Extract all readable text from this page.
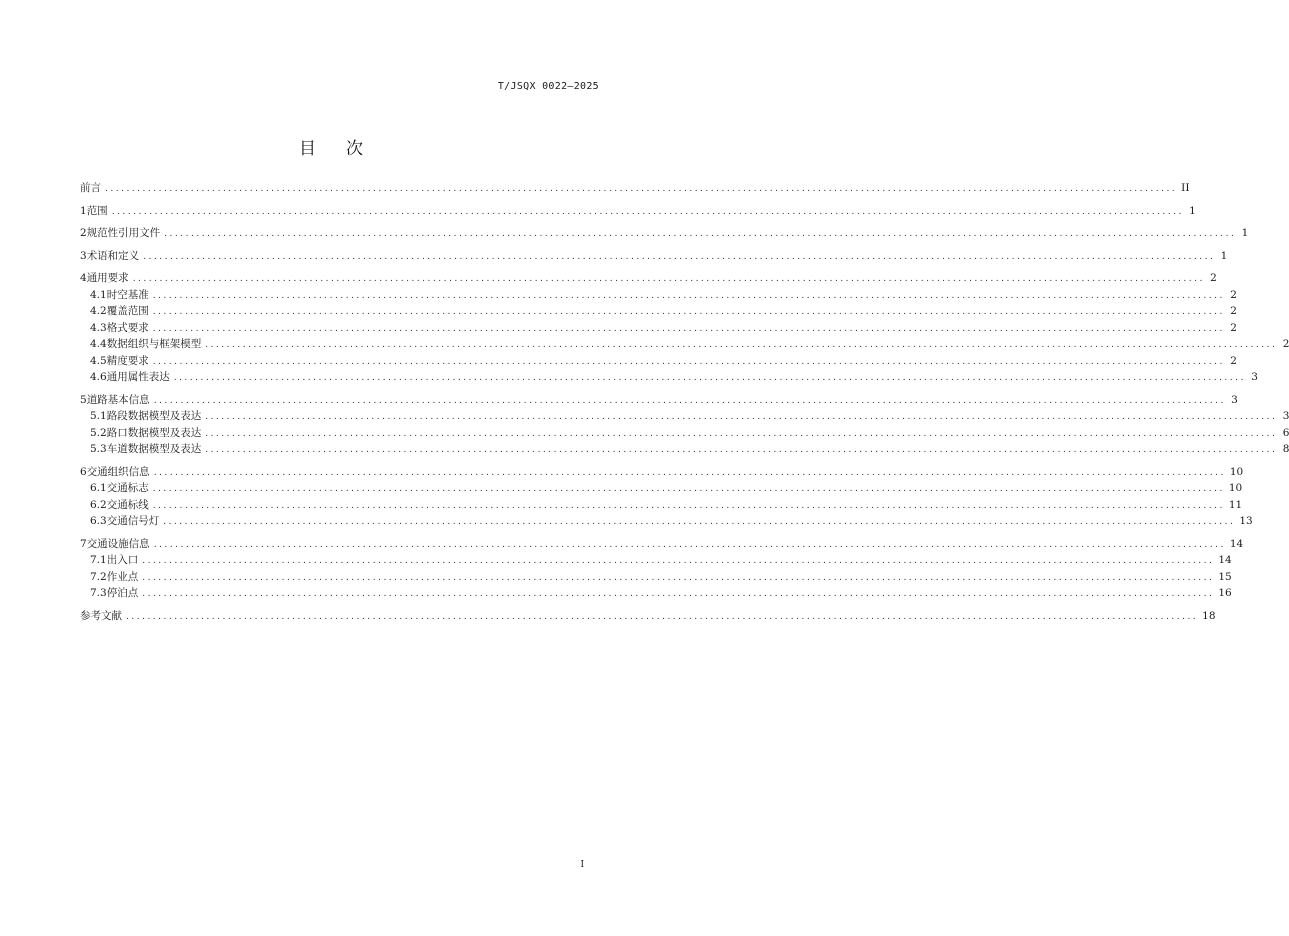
T/JSQX 0022—2025
目次
前言 ........................................................................................................................................................................................................ II
1 范围 ........................................................................................................................................................................................................ 1
2 规范性引用文件 ........................................................................................................................................................................................................ 1
3 术语和定义 ........................................................................................................................................................................................................ 1
4 通用要求 ........................................................................................................................................................................................................ 2
4.1 时空基准 ........................................................................................................................................................................................................ 2
4.2 覆盖范围 ........................................................................................................................................................................................................ 2
4.3 格式要求 ........................................................................................................................................................................................................ 2
4.4 数据组织与框架模型 ........................................................................................................................................................................................................ 2
4.5 精度要求 ........................................................................................................................................................................................................ 2
4.6 通用属性表达 ........................................................................................................................................................................................................ 3
5 道路基本信息 ........................................................................................................................................................................................................ 3
5.1 路段数据模型及表达 ........................................................................................................................................................................................................ 3
5.2 路口数据模型及表达 ........................................................................................................................................................................................................ 6
5.3 车道数据模型及表达 ........................................................................................................................................................................................................ 8
6 交通组织信息 ........................................................................................................................................................................................................ 10
6.1 交通标志 ........................................................................................................................................................................................................ 10
6.2 交通标线 ........................................................................................................................................................................................................ 11
6.3 交通信号灯 ........................................................................................................................................................................................................ 13
7 交通设施信息 ........................................................................................................................................................................................................ 14
7.1 出入口 ........................................................................................................................................................................................................ 14
7.2 作业点 ........................................................................................................................................................................................................ 15
7.3 停泊点 ........................................................................................................................................................................................................ 16
参考文献 ........................................................................................................................................................................................................ 18
I
